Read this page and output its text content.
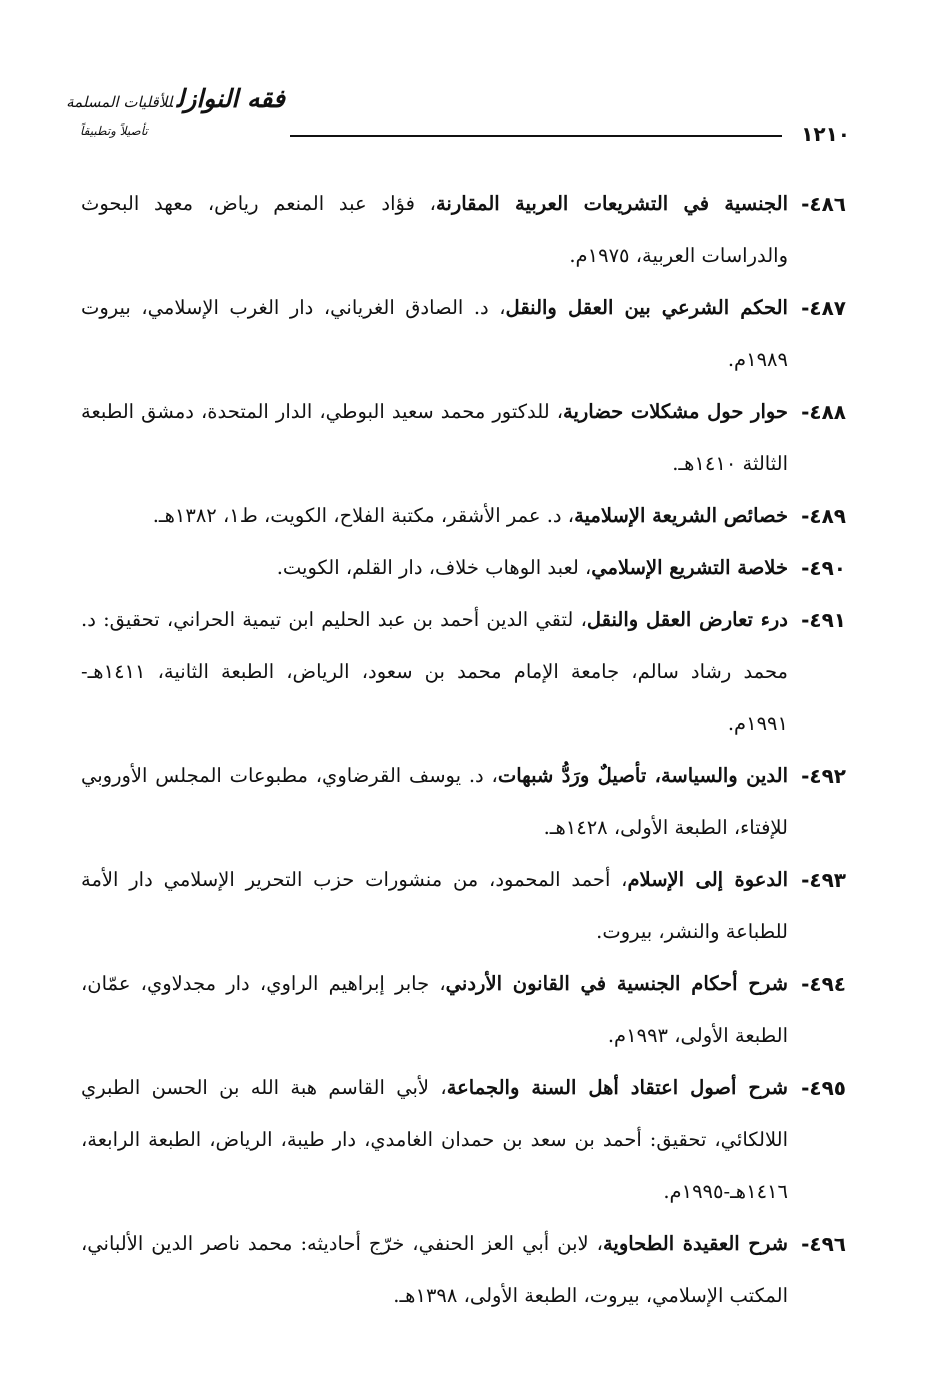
١٢١٠
فقه النوازلللأقليات المسلمة
تأصيلاً وتطبيقاً
٤٨٦-
الجنسية في التشريعات العربية المقارنة، فؤاد عبد المنعم رياض، معهد البحوث والدراسات العربية، ١٩٧٥م.
٤٨٧-
الحكم الشرعي بين العقل والنقل، د. الصادق الغرياني، دار الغرب الإسلامي، بيروت ١٩٨٩م.
٤٨٨-
حوار حول مشكلات حضارية، للدكتور محمد سعيد البوطي، الدار المتحدة، دمشق الطبعة الثالثة ١٤١٠هـ.
٤٨٩-
خصائص الشريعة الإسلامية، د. عمر الأشقر، مكتبة الفلاح، الكويت، ط١، ١٣٨٢هـ.
٤٩٠-
خلاصة التشريع الإسلامي، لعبد الوهاب خلاف، دار القلم، الكويت.
٤٩١-
درء تعارض العقل والنقل، لتقي الدين أحمد بن عبد الحليم ابن تيمية الحراني، تحقيق: د. محمد رشاد سالم، جامعة الإمام محمد بن سعود، الرياض، الطبعة الثانية، ١٤١١هـ- ١٩٩١م.
٤٩٢-
الدين والسياسة، تأصيلٌ ورَدُّ شبهات، د. يوسف القرضاوي، مطبوعات المجلس الأوروبي للإفتاء، الطبعة الأولى، ١٤٢٨هـ.
٤٩٣-
الدعوة إلى الإسلام، أحمد المحمود، من منشورات حزب التحرير الإسلامي دار الأمة للطباعة والنشر، بيروت.
٤٩٤-
شرح أحكام الجنسية في القانون الأردني، جابر إبراهيم الراوي، دار مجدلاوي، عمّان، الطبعة الأولى، ١٩٩٣م.
٤٩٥-
شرح أصول اعتقاد أهل السنة والجماعة، لأبي القاسم هبة الله بن الحسن الطبري اللالكائي، تحقيق: أحمد بن سعد بن حمدان الغامدي، دار طيبة، الرياض، الطبعة الرابعة، ١٤١٦هـ-١٩٩٥م.
٤٩٦-
شرح العقيدة الطحاوية، لابن أبي العز الحنفي، خرّج أحاديثه: محمد ناصر الدين الألباني، المكتب الإسلامي، بيروت، الطبعة الأولى، ١٣٩٨هـ.
